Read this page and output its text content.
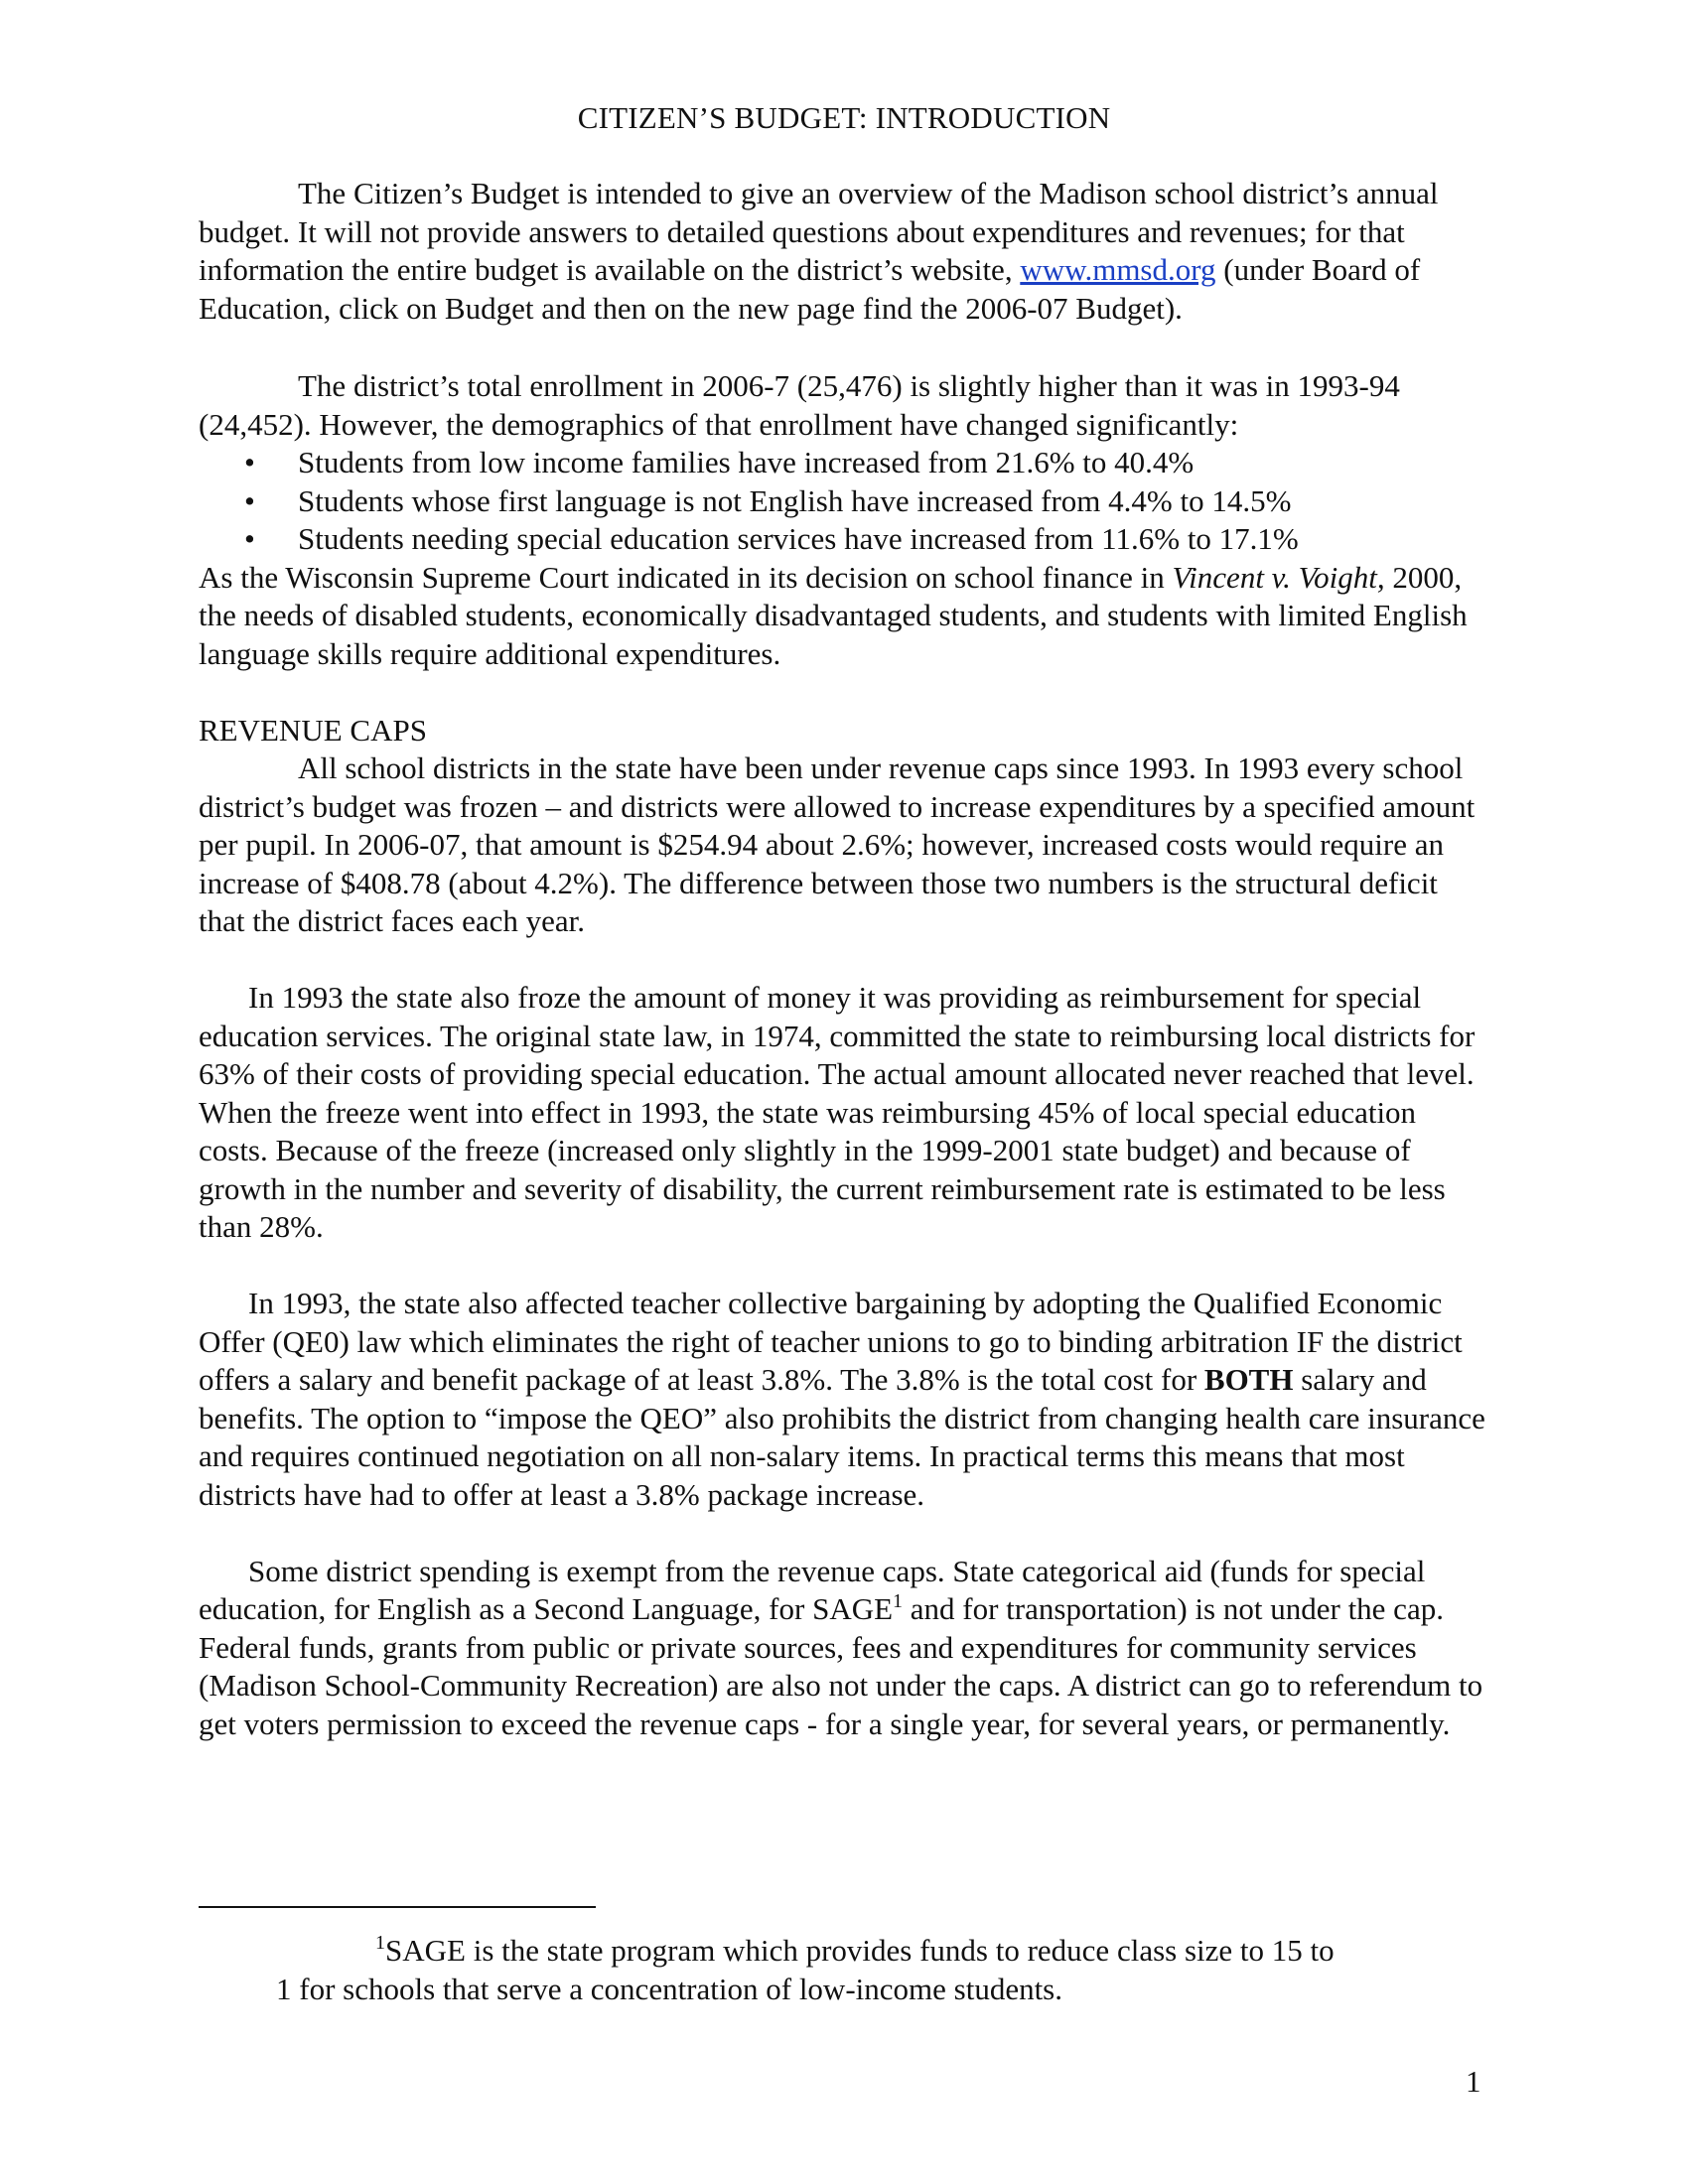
CITIZEN’S BUDGET: INTRODUCTION

The Citizen’s Budget is intended to give an overview of the Madison school district’s annual budget. It will not provide answers to detailed questions about expenditures and revenues; for that information the entire budget is available on the district’s website, www.mmsd.org (under Board of Education, click on Budget and then on the new page find the 2006-07 Budget).

The district’s total enrollment in 2006-7 (25,476) is slightly higher than it was in 1993-94 (24,452). However, the demographics of that enrollment have changed significantly:

• Students from low income families have increased from 21.6% to 40.4%
• Students whose first language is not English have increased from 4.4% to 14.5%
• Students needing special education services have increased from 11.6% to 17.1%

As the Wisconsin Supreme Court indicated in its decision on school finance in Vincent v. Voight, 2000, the needs of disabled students, economically disadvantaged students, and students with limited English language skills require additional expenditures.

REVENUE CAPS

All school districts in the state have been under revenue caps since 1993. In 1993 every school district’s budget was frozen – and districts were allowed to increase expenditures by a specified amount per pupil. In 2006-07, that amount is $254.94 about 2.6%; however, increased costs would require an increase of $408.78 (about 4.2%). The difference between those two numbers is the structural deficit that the district faces each year.

In 1993 the state also froze the amount of money it was providing as reimbursement for special education services. The original state law, in 1974, committed the state to reimbursing local districts for 63% of their costs of providing special education. The actual amount allocated never reached that level. When the freeze went into effect in 1993, the state was reimbursing 45% of local special education costs. Because of the freeze (increased only slightly in the 1999-2001 state budget) and because of growth in the number and severity of disability, the current reimbursement rate is estimated to be less than 28%.

In 1993, the state also affected teacher collective bargaining by adopting the Qualified Economic Offer (QE0) law which eliminates the right of teacher unions to go to binding arbitration IF the district offers a salary and benefit package of at least 3.8%. The 3.8% is the total cost for BOTH salary and benefits. The option to “impose the QEO” also prohibits the district from changing health care insurance and requires continued negotiation on all non-salary items. In practical terms this means that most districts have had to offer at least a 3.8% package increase.

Some district spending is exempt from the revenue caps. State categorical aid (funds for special education, for English as a Second Language, for SAGE$^1$ and for transportation) is not under the cap. Federal funds, grants from public or private sources, fees and expenditures for community services (Madison School-Community Recreation) are also not under the caps. A district can go to referendum to get voters permission to exceed the revenue caps - for a single year, for several years, or permanently.

$^1$SAGE is the state program which provides funds to reduce class size to 15 to
1 for schools that serve a concentration of low-income students.
1
